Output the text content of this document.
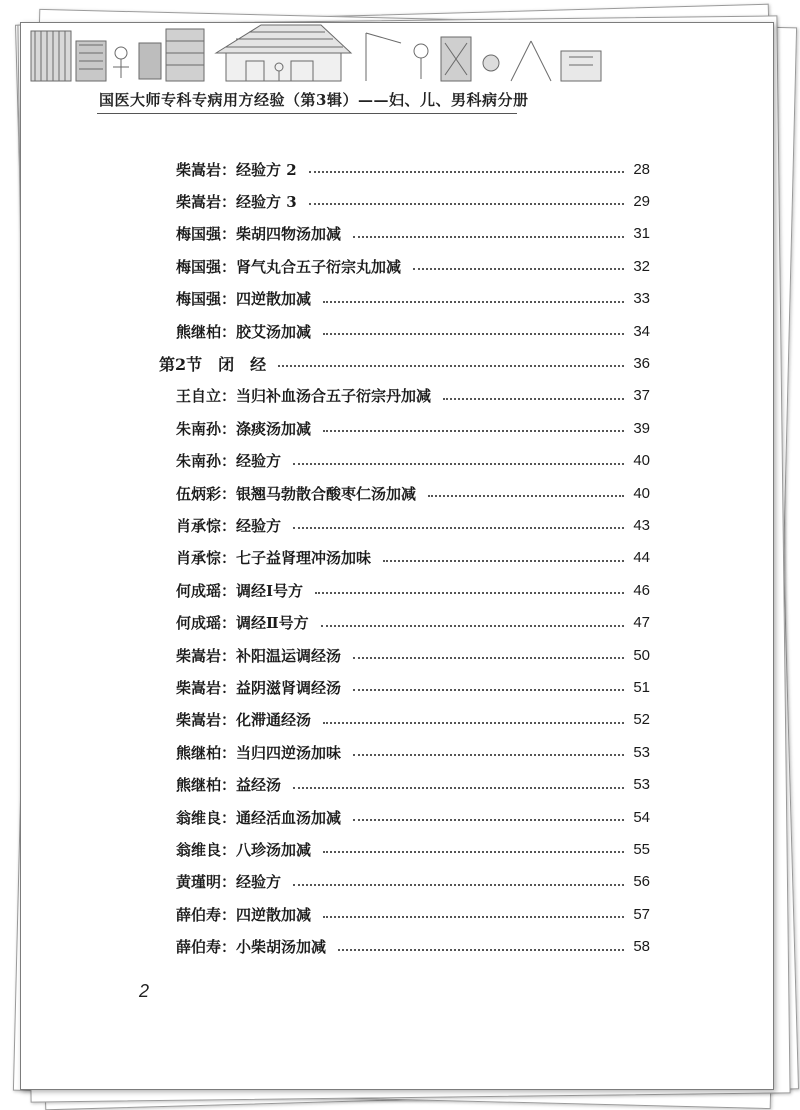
国医大师专科专病用方经验（第3辑）——妇、儿、男科病分册
柴嵩岩：经验方 2	28
柴嵩岩：经验方 3	29
梅国强：柴胡四物汤加减	31
梅国强：肾气丸合五子衍宗丸加减	32
梅国强：四逆散加减	33
熊继柏：胶艾汤加减	34
第2节　闭　经	36
王自立：当归补血汤合五子衍宗丹加减	37
朱南孙：涤痰汤加减	39
朱南孙：经验方	40
伍炳彩：银翘马勃散合酸枣仁汤加减	40
肖承悰：经验方	43
肖承悰：七子益肾理冲汤加味	44
何成瑶：调经Ⅰ号方	46
何成瑶：调经Ⅱ号方	47
柴嵩岩：补阳温运调经汤	50
柴嵩岩：益阴滋肾调经汤	51
柴嵩岩：化滞通经汤	52
熊继柏：当归四逆汤加味	53
熊继柏：益经汤	53
翁维良：通经活血汤加减	54
翁维良：八珍汤加减	55
黄瑾明：经验方	56
薛伯寿：四逆散加减	57
薛伯寿：小柴胡汤加减	58
2
